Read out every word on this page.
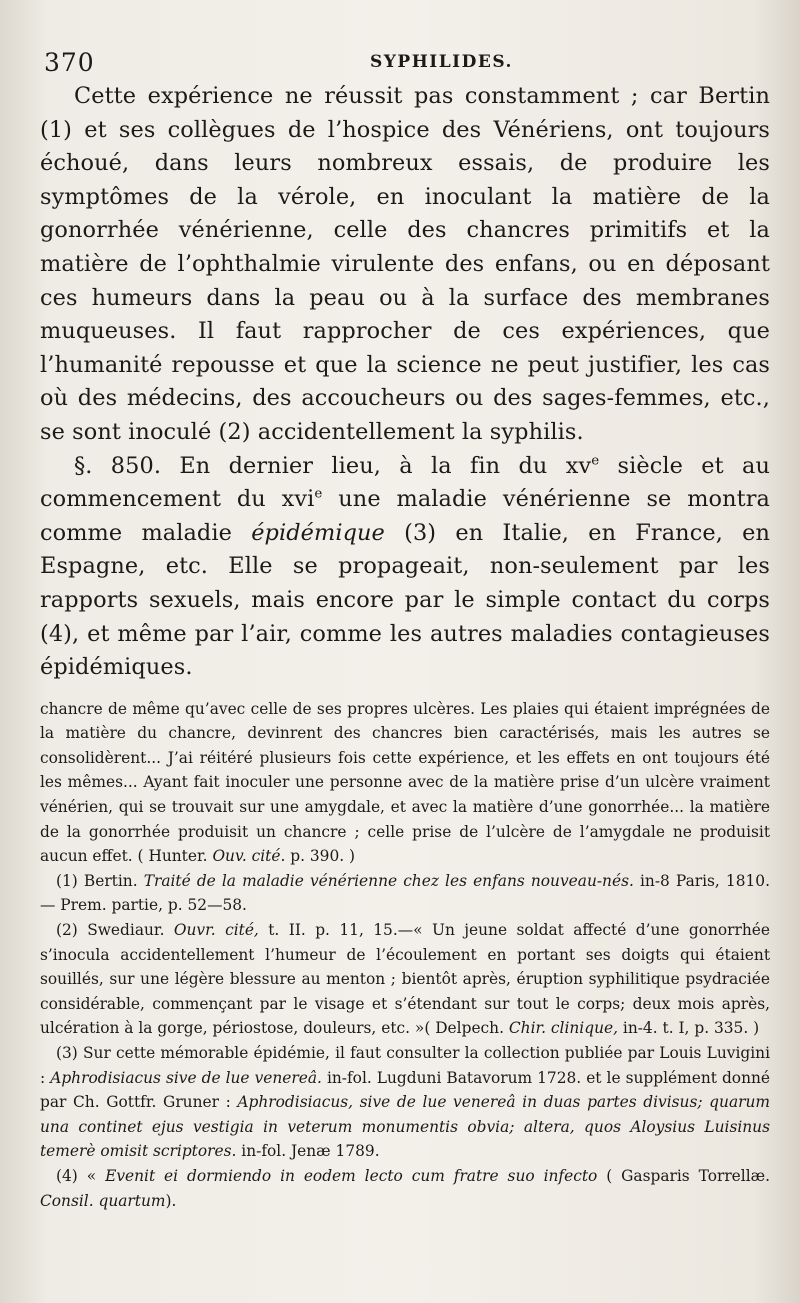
370	SYPHILIDES.

Cette expérience ne réussit pas constamment ; car Bertin (1) et ses collègues de l’hospice des Vénériens, ont toujours échoué, dans leurs nombreux essais, de produire les symptômes de la vérole, en inoculant la matière de la gonorrhée vénérienne, celle des chancres primitifs et la matière de l’ophthalmie virulente des enfans, ou en déposant ces humeurs dans la peau ou à la surface des membranes muqueuses. Il faut rapprocher de ces expériences, que l’humanité repousse et que la science ne peut justifier, les cas où des médecins, des accoucheurs ou des sages-femmes, etc., se sont inoculé (2) accidentellement la syphilis.

§. 850. En dernier lieu, à la fin du $xv^e$ siècle et au commencement du xvi$^e$ une maladie vénérienne se montra comme maladie épidémique (3) en Italie, en France, en Espagne, etc. Elle se propageait, non-seulement par les rapports sexuels, mais encore par le simple contact du corps (4), et même par l’air, comme les autres maladies contagieuses épidémiques.

chancre de même qu’avec celle de ses propres ulcères. Les plaies qui étaient imprégnées de la matière du chancre, devinrent des chancres bien caractérisés, mais les autres se consolidèrent... J’ai réitéré plusieurs fois cette expérience, et les effets en ont toujours été les mêmes... Ayant fait inoculer une personne avec de la matière prise d’un ulcère vraiment vénérien, qui se trouvait sur une amygdale, et avec la matière d’une gonorrhée... la matière de la gonorrhée produisit un chancre ; celle prise de l’ulcère de l’amygdale ne produisit aucun effet. ( Hunter. Ouv. cité. p. 390. )

(1) Bertin. Traité de la maladie vénérienne chez les enfans nouveau-nés. in-8 Paris, 1810. — Prem. partie, p. 52—58.

(2) Swediaur. Ouvr. cité, t. II. p. 11, 15.—« Un jeune soldat affecté d’une gonorrhée s’inocula accidentellement l’humeur de l’écoulement en portant ses doigts qui étaient souillés, sur une légère blessure au menton ; bientôt après, éruption syphilitique psydraciée considérable, commençant par le visage et s’étendant sur tout le corps; deux mois après, ulcération à la gorge, périostose, douleurs, etc. »( Delpech. Chir. clinique, in-4. t. I, p. 335. )

(3) Sur cette mémorable épidémie, il faut consulter la collection publiée par Louis Luvigini : Aphrodisiacus sive de lue venereâ. in-fol. Lugduni Batavorum 1728. et le supplément donné par Ch. Gottfr. Gruner : Aphrodisiacus, sive de lue venereâ in duas partes divisus; quarum una continet ejus vestigia in veterum monumentis obvia; altera, quos Aloysius Luisinus temerè omisit scriptores. in-fol. Jenæ 1789.

(4) « Evenit ei dormiendo in eodem lecto cum fratre suo infecto ( Gasparis Torrellæ. Consil. quartum).
